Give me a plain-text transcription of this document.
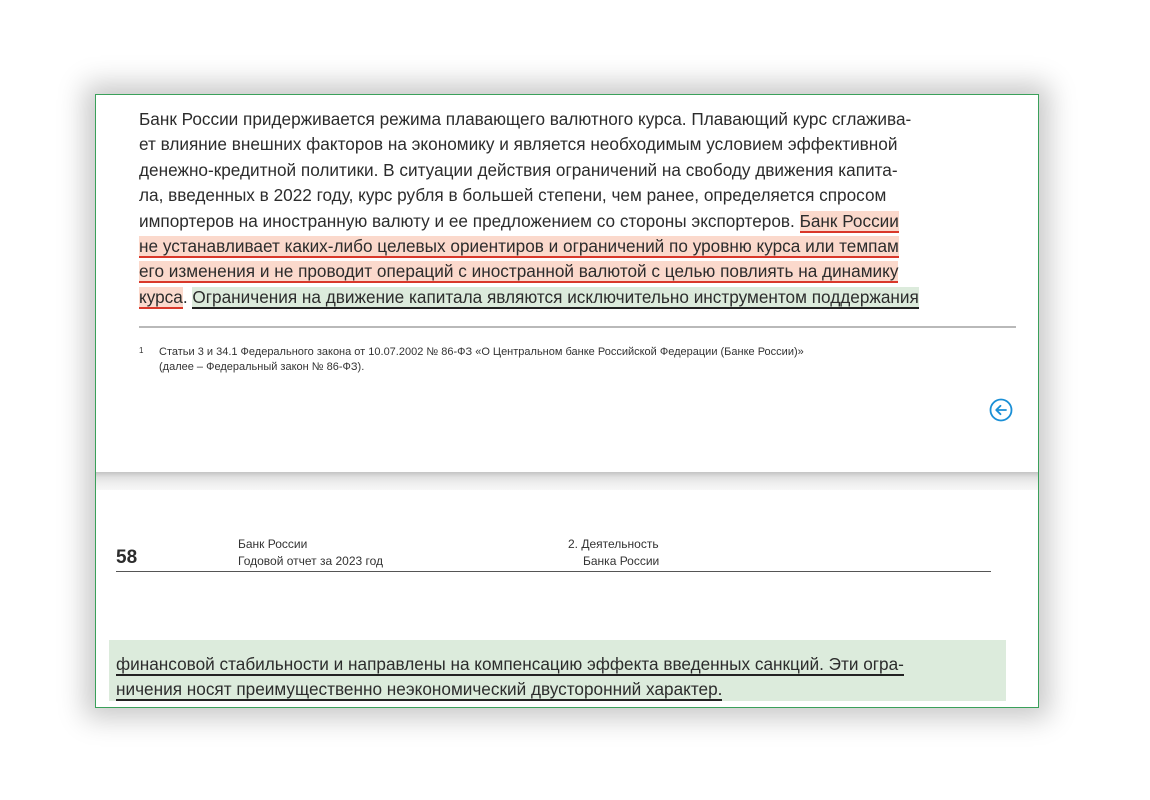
Банк России придерживается режима плавающего валютного курса. Плавающий курс сглажива-
ет влияние внешних факторов на экономику и является необходимым условием эффективной
денежно-кредитной политики. В ситуации действия ограничений на свободу движения капита-
ла, введенных в 2022 году, курс рубля в большей степени, чем ранее, определяется спросом
импортеров на иностранную валюту и ее предложением со стороны экспортеров. Банк России
не устанавливает каких-либо целевых ориентиров и ограничений по уровню курса или темпам
его изменения и не проводит операций с иностранной валютой с целью повлиять на динамику
курса. Ограничения на движение капитала являются исключительно инструментом поддержания
1 Статьи 3 и 34.1 Федерального закона от 10.07.2002 № 86-ФЗ «О Центральном банке Российской Федерации (Банке России)»
(далее – Федеральный закон № 86-ФЗ).
58
Банк России
Годовой отчет за 2023 год
2. Деятельность
Банка России
финансовой стабильности и направлены на компенсацию эффекта введенных санкций. Эти огра-
ничения носят преимущественно неэкономический двусторонний характер.
